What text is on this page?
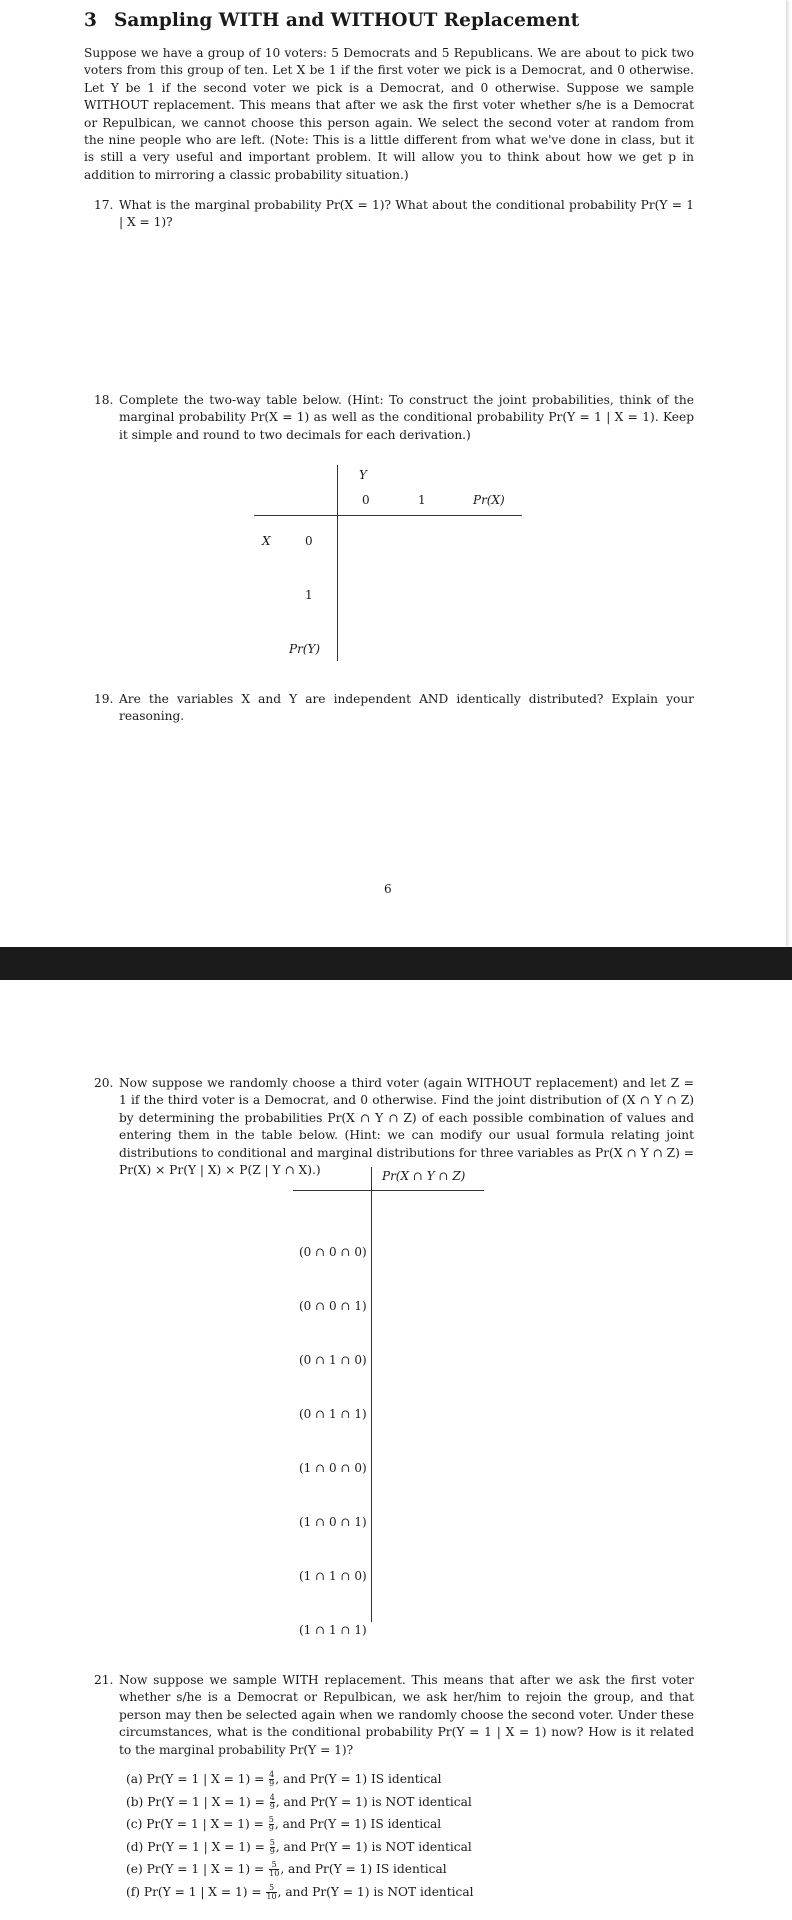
3 Sampling WITH and WITHOUT Replacement
Suppose we have a group of 10 voters: 5 Democrats and 5 Republicans. We are about to pick two voters from this group of ten. Let X be 1 if the first voter we pick is a Democrat, and 0 otherwise. Let Y be 1 if the second voter we pick is a Democrat, and 0 otherwise. Suppose we sample WITHOUT replacement. This means that after we ask the first voter whether s/he is a Democrat or Repulbican, we cannot choose this person again. We select the second voter at random from the nine people who are left. (Note: This is a little different from what we've done in class, but it is still a very useful and important problem. It will allow you to think about how we get p in addition to mirroring a classic probability situation.)
17. What is the marginal probability Pr(X = 1)? What about the conditional probability Pr(Y = 1 | X = 1)?
18. Complete the two-way table below. (Hint: To construct the joint probabilities, think of the marginal probability Pr(X = 1) as well as the conditional probability Pr(Y = 1 | X = 1). Keep it simple and round to two decimals for each derivation.)
Y
0	1	Pr(X)
X	0
1
Pr(Y)
19. Are the variables X and Y are independent AND identically distributed? Explain your reasoning.
6
20. Now suppose we randomly choose a third voter (again WITHOUT replacement) and let Z = 1 if the third voter is a Democrat, and 0 otherwise. Find the joint distribution of (X ∩ Y ∩ Z) by determining the probabilities Pr(X ∩ Y ∩ Z) of each possible combination of values and entering them in the table below. (Hint: we can modify our usual formula relating joint distributions to conditional and marginal distributions for three variables as Pr(X ∩ Y ∩ Z) = Pr(X) × Pr(Y | X) × P(Z | Y ∩ X).)	Pr(X ∩ Y ∩ Z)
(0 ∩ 0 ∩ 0)
(0 ∩ 0 ∩ 1)
(0 ∩ 1 ∩ 0)
(0 ∩ 1 ∩ 1)
(1 ∩ 0 ∩ 0)
(1 ∩ 0 ∩ 1)
(1 ∩ 1 ∩ 0)
(1 ∩ 1 ∩ 1)
21. Now suppose we sample WITH replacement. This means that after we ask the first voter whether s/he is a Democrat or Repulbican, we ask her/him to rejoin the group, and that person may then be selected again when we randomly choose the second voter. Under these circumstances, what is the conditional probability Pr(Y = 1 | X = 1) now? How is it related to the marginal probability Pr(Y = 1)?
(a) Pr(Y = 1 | $X = 1) = \frac{4}{9}$ , and Pr(Y = 1) IS identical
(b) Pr(Y = 1 | $X = 1) = \frac{4}{9}$ , and Pr(Y = 1) is NOT identical
(c) Pr(Y = 1 | $X = 1) = \frac{5}{9}$ , and Pr(Y = 1) IS identical
(d) Pr(Y = 1 | $X = 1) = \frac{5}{9}$ , and Pr(Y = 1) is NOT identical
(e) Pr(Y = 1 | $X = 1) = \frac{5}{10}$ , and Pr(Y = 1) IS identical
(f) Pr(Y = 1 | $X = 1) = \frac{5}{10}$ , and Pr(Y = 1) is NOT identical
